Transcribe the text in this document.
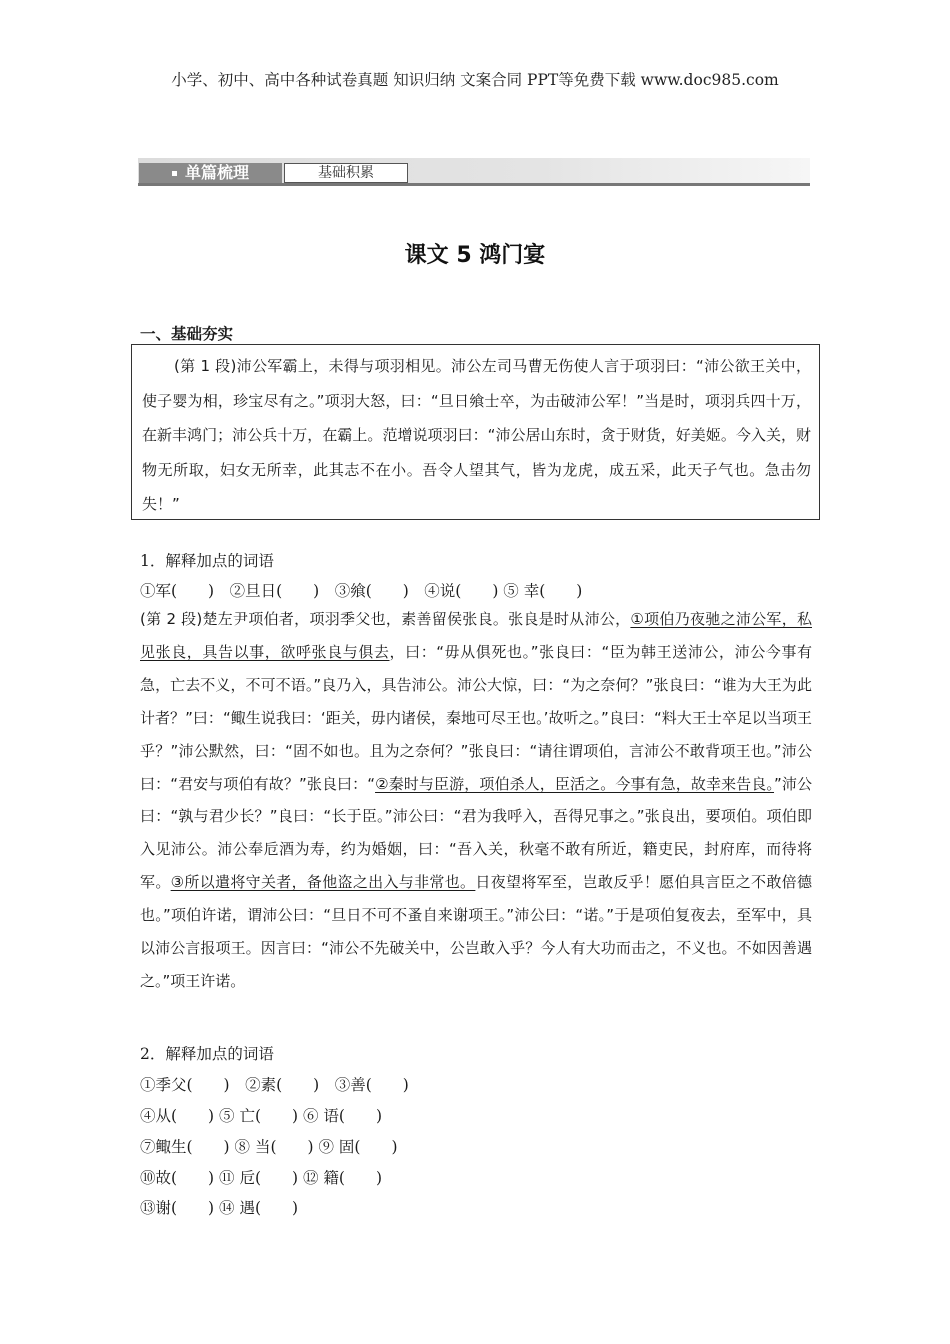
小学、初中、高中各种试卷真题 知识归纳 文案合同 PPT等免费下载 www.doc985.com
单篇梳理	基础积累
课文 5 鸿门宴
一、基础夯实

(第 1 段)沛公军霸上，未得与项羽相见。沛公左司马曹无伤使人言于项羽曰：“沛公欲王关中，使子婴为相，珍宝尽有之。”项羽大怒，曰：“旦日飨士卒，为击破沛公军！”当是时，项羽兵四十万，在新丰鸿门；沛公兵十万，在霸上。范增说项羽曰：“沛公居山东时，贪于财货，好美姬。今入关，财物无所取，妇女无所幸，此其志不在小。吾令人望其气，皆为龙虎，成五采，此天子气也。急击勿失！”

1．解释加点的词语
①军(　　)　②旦日(　　)　③飨(　　)　④说(　　) ⑤ 幸(　　)

(第 2 段)楚左尹项伯者，项羽季父也，素善留侯张良。张良是时从沛公，①项伯乃夜驰之沛公军，私见张良，具告以事，欲呼张良与俱去，曰：“毋从俱死也。”张良曰：“臣为韩王送沛公，沛公今事有急，亡去不义，不可不语。”良乃入，具告沛公。沛公大惊，曰：“为之奈何？”张良曰：“谁为大王为此计者？”曰：“鲰生说我曰：‘距关，毋内诸侯，秦地可尽王也。’故听之。”良曰：“料大王士卒足以当项王乎？”沛公默然，曰：“固不如也。且为之奈何？”张良曰：“请往谓项伯，言沛公不敢背项王也。”沛公曰：“君安与项伯有故？”张良曰：“②秦时与臣游，项伯杀人，臣活之。今事有急，故幸来告良。”沛公曰：“孰与君少长？”良曰：“长于臣。”沛公曰：“君为我呼入，吾得兄事之。”张良出，要项伯。项伯即入见沛公。沛公奉卮酒为寿，约为婚姻，曰：“吾入关，秋毫不敢有所近，籍吏民，封府库，而待将军。③所以遣将守关者，备他盗之出入与非常也。日夜望将军至，岂敢反乎！愿伯具言臣之不敢倍德也。”项伯许诺，谓沛公曰：“旦日不可不蚤自来谢项王。”沛公曰：“诺。”于是项伯复夜去，至军中，具以沛公言报项王。因言曰：“沛公不先破关中，公岂敢入乎？今人有大功而击之，不义也。不如因善遇之。”项王许诺。

2．解释加点的词语
①季父(　　)　②素(　　)　③善(　　)
④从(　　) ⑤ 亡(　　) ⑥ 语(　　)
⑦鲰生(　　) ⑧ 当(　　) ⑨ 固(　　)
⑩故(　　) ⑪ 卮(　　) ⑫ 籍(　　)
⑬谢(　　) ⑭ 遇(　　)
